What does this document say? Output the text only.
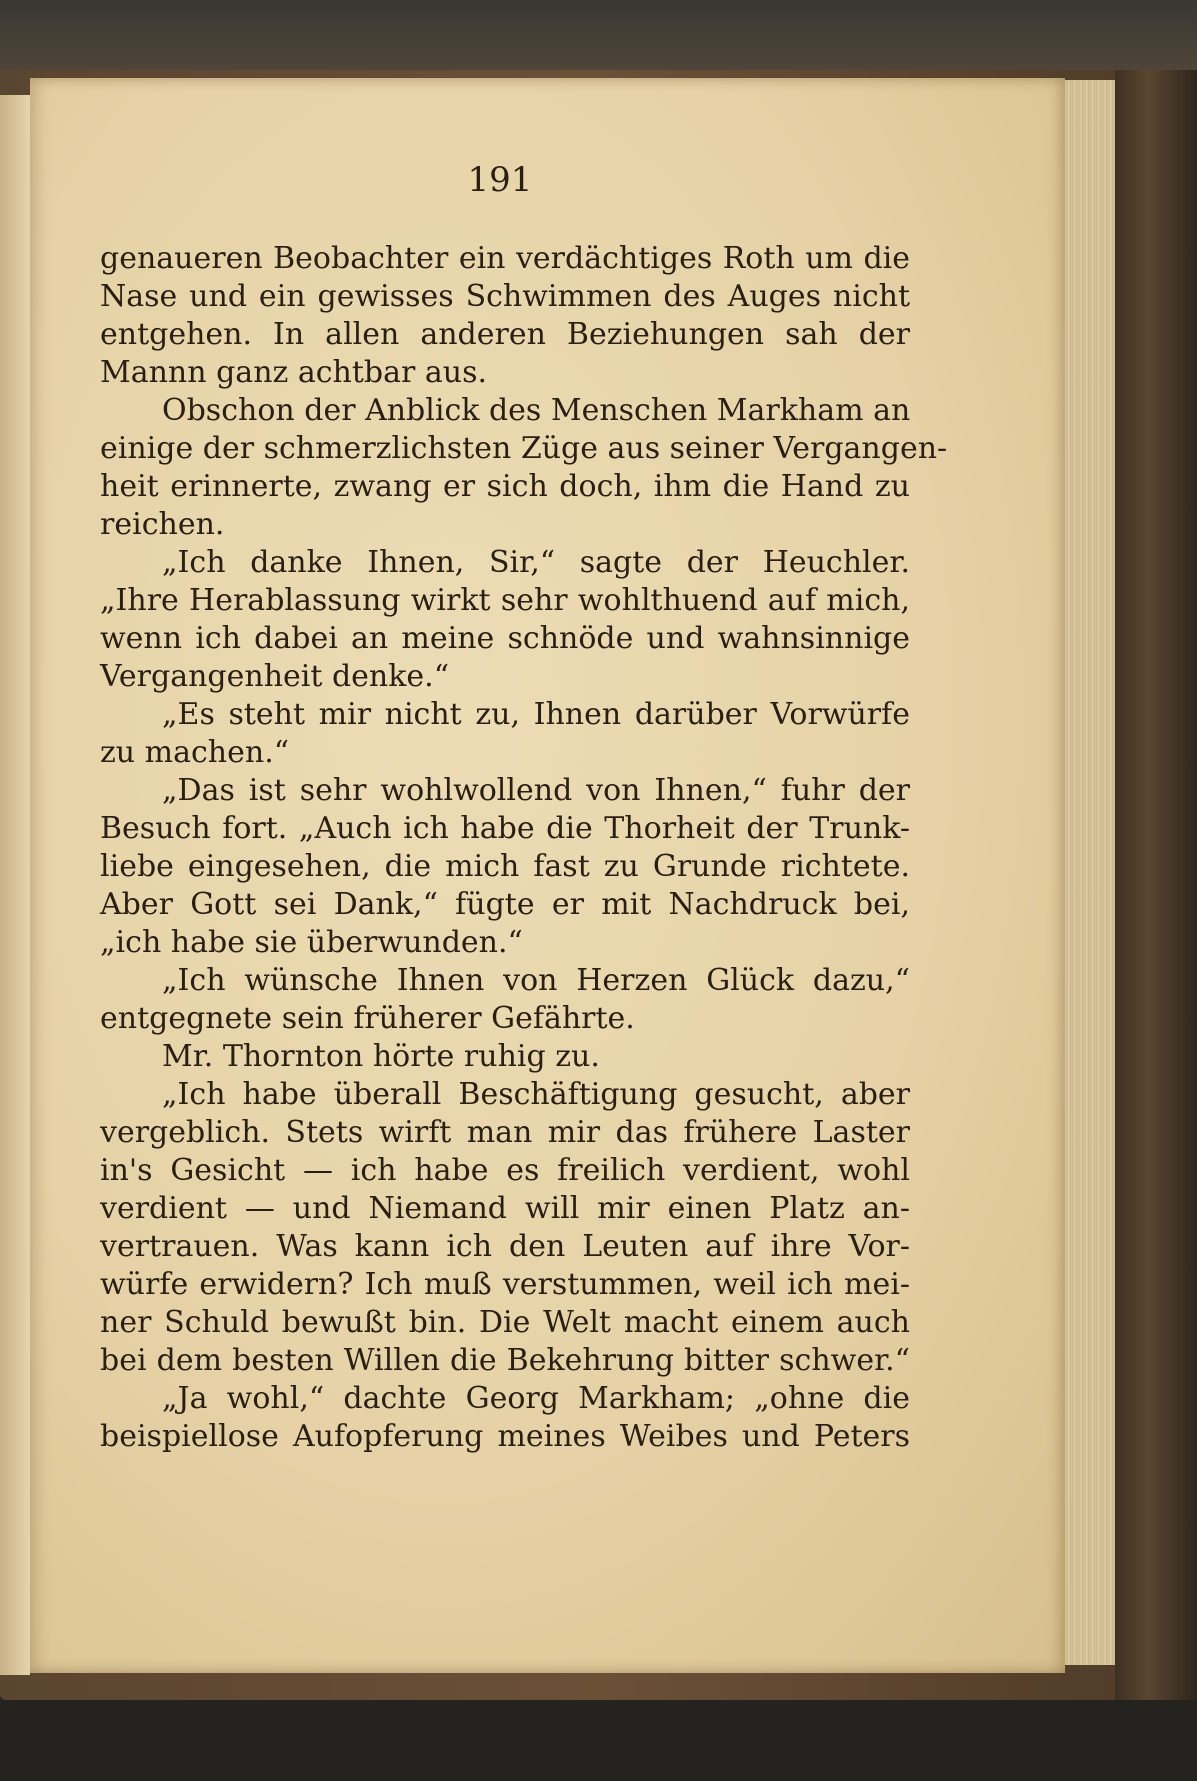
191
genaueren Beobachter ein verdächtiges Roth um die
Nase und ein gewisses Schwimmen des Auges nicht
entgehen. In allen anderen Beziehungen sah der
Mannn ganz achtbar aus.
Obschon der Anblick des Menschen Markham an
einige der schmerzlichsten Züge aus seiner Vergangen-
heit erinnerte, zwang er sich doch, ihm die Hand zu
reichen.
„Ich danke Ihnen, Sir,“ sagte der Heuchler.
„Ihre Herablassung wirkt sehr wohlthuend auf mich,
wenn ich dabei an meine schnöde und wahnsinnige
Vergangenheit denke.“
„Es steht mir nicht zu, Ihnen darüber Vorwürfe
zu machen.“
„Das ist sehr wohlwollend von Ihnen,“ fuhr der
Besuch fort. „Auch ich habe die Thorheit der Trunk-
liebe eingesehen, die mich fast zu Grunde richtete.
Aber Gott sei Dank,“ fügte er mit Nachdruck bei,
„ich habe sie überwunden.“
„Ich wünsche Ihnen von Herzen Glück dazu,“
entgegnete sein früherer Gefährte.
Mr. Thornton hörte ruhig zu.
„Ich habe überall Beschäftigung gesucht, aber
vergeblich. Stets wirft man mir das frühere Laster
in's Gesicht — ich habe es freilich verdient, wohl
verdient — und Niemand will mir einen Platz an-
vertrauen. Was kann ich den Leuten auf ihre Vor-
würfe erwidern? Ich muß verstummen, weil ich mei-
ner Schuld bewußt bin. Die Welt macht einem auch
bei dem besten Willen die Bekehrung bitter schwer.“
„Ja wohl,“ dachte Georg Markham; „ohne die
beispiellose Aufopferung meines Weibes und Peters
